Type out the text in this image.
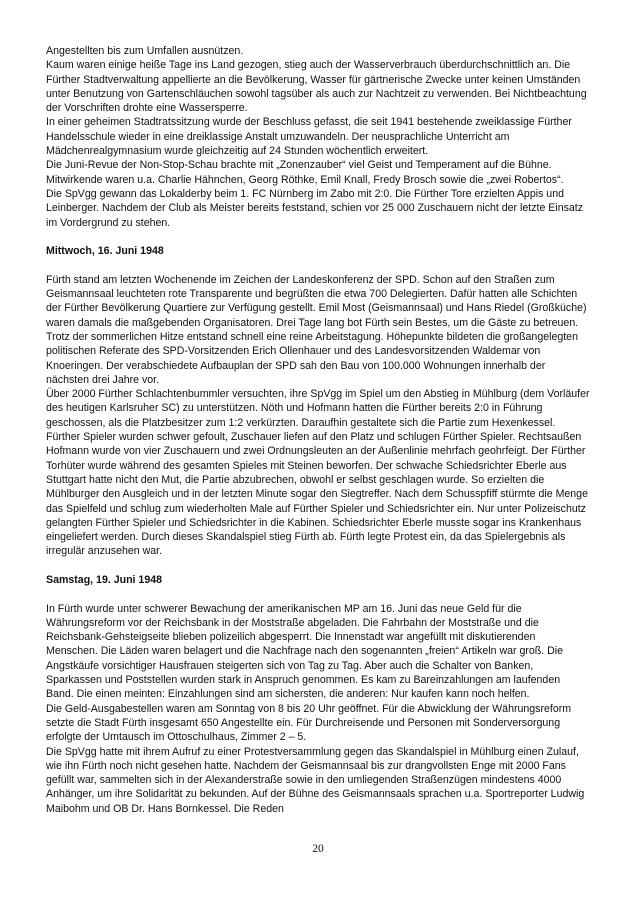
Angestellten bis zum Umfallen ausnützen.

Kaum waren einige heiße Tage ins Land gezogen, stieg auch der Wasserverbrauch überdurchschnittlich an. Die Fürther Stadtverwaltung appellierte an die Bevölkerung, Wasser für gärtnerische Zwecke unter keinen Umständen unter Benutzung von Gartenschläuchen sowohl tagsüber als auch zur Nachtzeit zu verwenden. Bei Nichtbeachtung der Vorschriften drohte eine Wassersperre.

In einer geheimen Stadtratssitzung wurde der Beschluss gefasst, die seit 1941 bestehende zweiklassige Fürther Handelsschule wieder in eine dreiklassige Anstalt umzuwandeln. Der neusprachliche Unterricht am Mädchenrealgymnasium wurde gleichzeitig auf 24 Stunden wöchentlich erweitert.

Die Juni-Revue der Non-Stop-Schau brachte mit „Zonenzauber“ viel Geist und Temperament auf die Bühne. Mitwirkende waren u.a. Charlie Hähnchen, Georg Röthke, Emil Knall, Fredy Brosch sowie die „zwei Robertos“.

Die SpVgg gewann das Lokalderby beim 1. FC Nürnberg im Zabo mit 2:0. Die Fürther Tore erzielten Appis und Leinberger. Nachdem der Club als Meister bereits feststand, schien vor 25 000 Zuschauern nicht der letzte Einsatz im Vordergrund zu stehen.

Mittwoch, 16. Juni 1948

Fürth stand am letzten Wochenende im Zeichen der Landeskonferenz der SPD. Schon auf den Straßen zum Geismannsaal leuchteten rote Transparente und begrüßten die etwa 700 Delegierten. Dafür hatten alle Schichten der Fürther Bevölkerung Quartiere zur Verfügung gestellt. Emil Most (Geismannsaal) und Hans Riedel (Großküche) waren damals die maßgebenden Organisatoren. Drei Tage lang bot Fürth sein Bestes, um die Gäste zu betreuen. Trotz der sommerlichen Hitze entstand schnell eine reine Arbeitstagung. Höhepunkte bildeten die großangelegten politischen Referate des SPD-Vorsitzenden Erich Ollenhauer und des Landesvorsitzenden Waldemar von Knoeringen. Der verabschiedete Aufbauplan der SPD sah den Bau von 100.000 Wohnungen innerhalb der nächsten drei Jahre vor.

Über 2000 Fürther Schlachtenbummler versuchten, ihre SpVgg im Spiel um den Abstieg in Mühlburg (dem Vorläufer des heutigen Karlsruher SC) zu unterstützen. Nöth und Hofmann hatten die Fürther bereits 2:0 in Führung geschossen, als die Platzbesitzer zum 1:2 verkürzten. Daraufhin gestaltete sich die Partie zum Hexenkessel. Fürther Spieler wurden schwer gefoult, Zuschauer liefen auf den Platz und schlugen Fürther Spieler. Rechtsaußen Hofmann wurde von vier Zuschauern und zwei Ordnungsleuten an der Außenlinie mehrfach geohrfeigt. Der Fürther Torhüter wurde während des gesamten Spieles mit Steinen beworfen. Der schwache Schiedsrichter Eberle aus Stuttgart hatte nicht den Mut, die Partie abzubrechen, obwohl er selbst geschlagen wurde. So erzielten die Mühlburger den Ausgleich und in der letzten Minute sogar den Siegtreffer. Nach dem Schusspfiff stürmte die Menge das Spielfeld und schlug zum wiederholten Male auf Fürther Spieler und Schiedsrichter ein. Nur unter Polizeischutz gelangten Fürther Spieler und Schiedsrichter in die Kabinen. Schiedsrichter Eberle musste sogar ins Krankenhaus eingeliefert werden. Durch dieses Skandalspiel stieg Fürth ab. Fürth legte Protest ein, da das Spielergebnis als irregulär anzusehen war.

Samstag, 19. Juni 1948

In Fürth wurde unter schwerer Bewachung der amerikanischen MP am 16. Juni das neue Geld für die Währungsreform vor der Reichsbank in der Moststraße abgeladen. Die Fahrbahn der Moststraße und die Reichsbank-Gehsteigseite blieben polizeilich abgesperrt. Die Innenstadt war angefüllt mit diskutierenden Menschen. Die Läden waren belagert und die Nachfrage nach den sogenannten „freien“ Artikeln war groß. Die Angstkäufe vorsichtiger Hausfrauen steigerten sich von Tag zu Tag. Aber auch die Schalter von Banken, Sparkassen und Poststellen wurden stark in Anspruch genommen. Es kam zu Bareinzahlungen am laufenden Band. Die einen meinten: Einzahlungen sind am sichersten, die anderen: Nur kaufen kann noch helfen.

Die Geld-Ausgabestellen waren am Sonntag von 8 bis 20 Uhr geöffnet. Für die Abwicklung der Währungsreform setzte die Stadt Fürth insgesamt 650 Angestellte ein. Für Durchreisende und Personen mit Sonderversorgung erfolgte der Umtausch im Ottoschulhaus, Zimmer 2 – 5.

Die SpVgg hatte mit ihrem Aufruf zu einer Protestversammlung gegen das Skandalspiel in Mühlburg einen Zulauf, wie ihn Fürth noch nicht gesehen hatte. Nachdem der Geismannsaal bis zur drangvollsten Enge mit 2000 Fans gefüllt war, sammelten sich in der Alexanderstraße sowie in den umliegenden Straßenzügen mindestens 4000 Anhänger, um ihre Solidarität zu bekunden. Auf der Bühne des Geismannsaals sprachen u.a. Sportreporter Ludwig Maibohm und OB Dr. Hans Bornkessel. Die Reden

20
